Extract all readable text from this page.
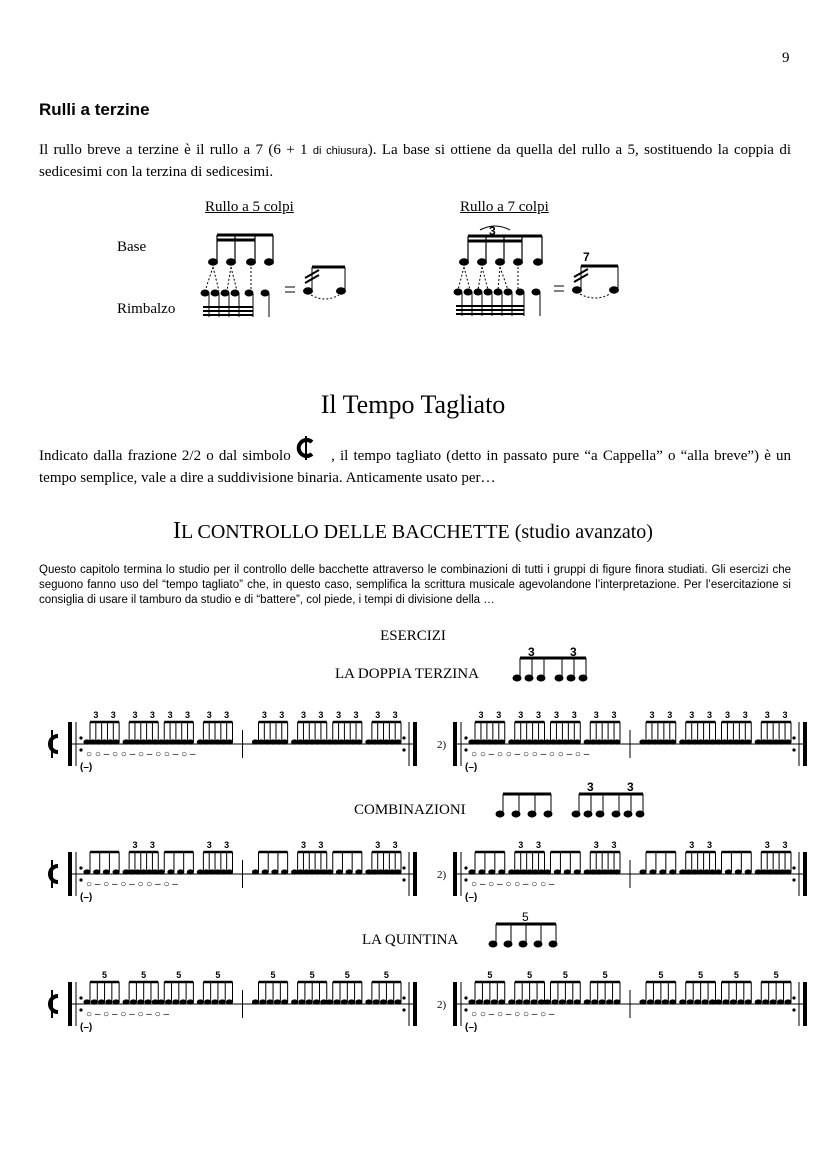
9
Rulli a terzine
Il rullo breve a terzine è il rullo a 7 (6 + 1 di chiusura). La base si ottiene da quella del rullo a 5, sostituendo la coppia di sedicesimi con la terzina di sedicesimi.
Rullo a 5 colpi	Rullo a 7 colpi
Base
Rimbalzo
3
7
Il Tempo Tagliato
Indicato dalla frazione 2/2 o dal simbolo	, il tempo tagliato (detto in passato pure “a Cappella” o “alla breve”) è un tempo semplice, vale a dire a suddivisione binaria. Anticamente usato per…
IL CONTROLLO DELLE BACCHETTE (studio avanzato)
Questo capitolo termina lo studio per il controllo delle bacchette attraverso le combinazioni di tutti i gruppi di figure finora studiati. Gli esercizi che seguono fanno uso del “tempo tagliato” che, in questo caso, semplifica la scrittura musicale agevolandone l’interpretazione. Per l’esercitazione si consiglia di usare il tamburo da studio e di “battere”, col piede, i tempi di divisione della …
ESERCIZI
LA DOPPIA TERZINA
COMBINAZIONI
LA QUINTINA
3	3
3	3
5
3 3 3 3 3 3 3 3	3 3 3 3 3 3 3 3
○ ○ – ○ ○ – ○ – ○ ○ – ○ –
(–)
2)
3 3 3 3 3 3 3 3	3 3 3 3 3 3 3 3
○ ○ – ○ ○ – ○ ○ – ○ ○ – ○ –
(–)
3 3	3 3	3 3	3 3
○ – ○ – ○ – ○ ○ – ○ –
(–)
2)
3 3	3 3	3 3	3 3
○ – ○ – ○ ○ – ○ ○ –
(–)
5	5	5	5	5	5	5	5
○ – ○ – ○ – ○ – ○ –
(–)
2)
5	5	5	5	5	5	5	5
○ ○ – ○ – ○ ○ – ○ –
(–)
